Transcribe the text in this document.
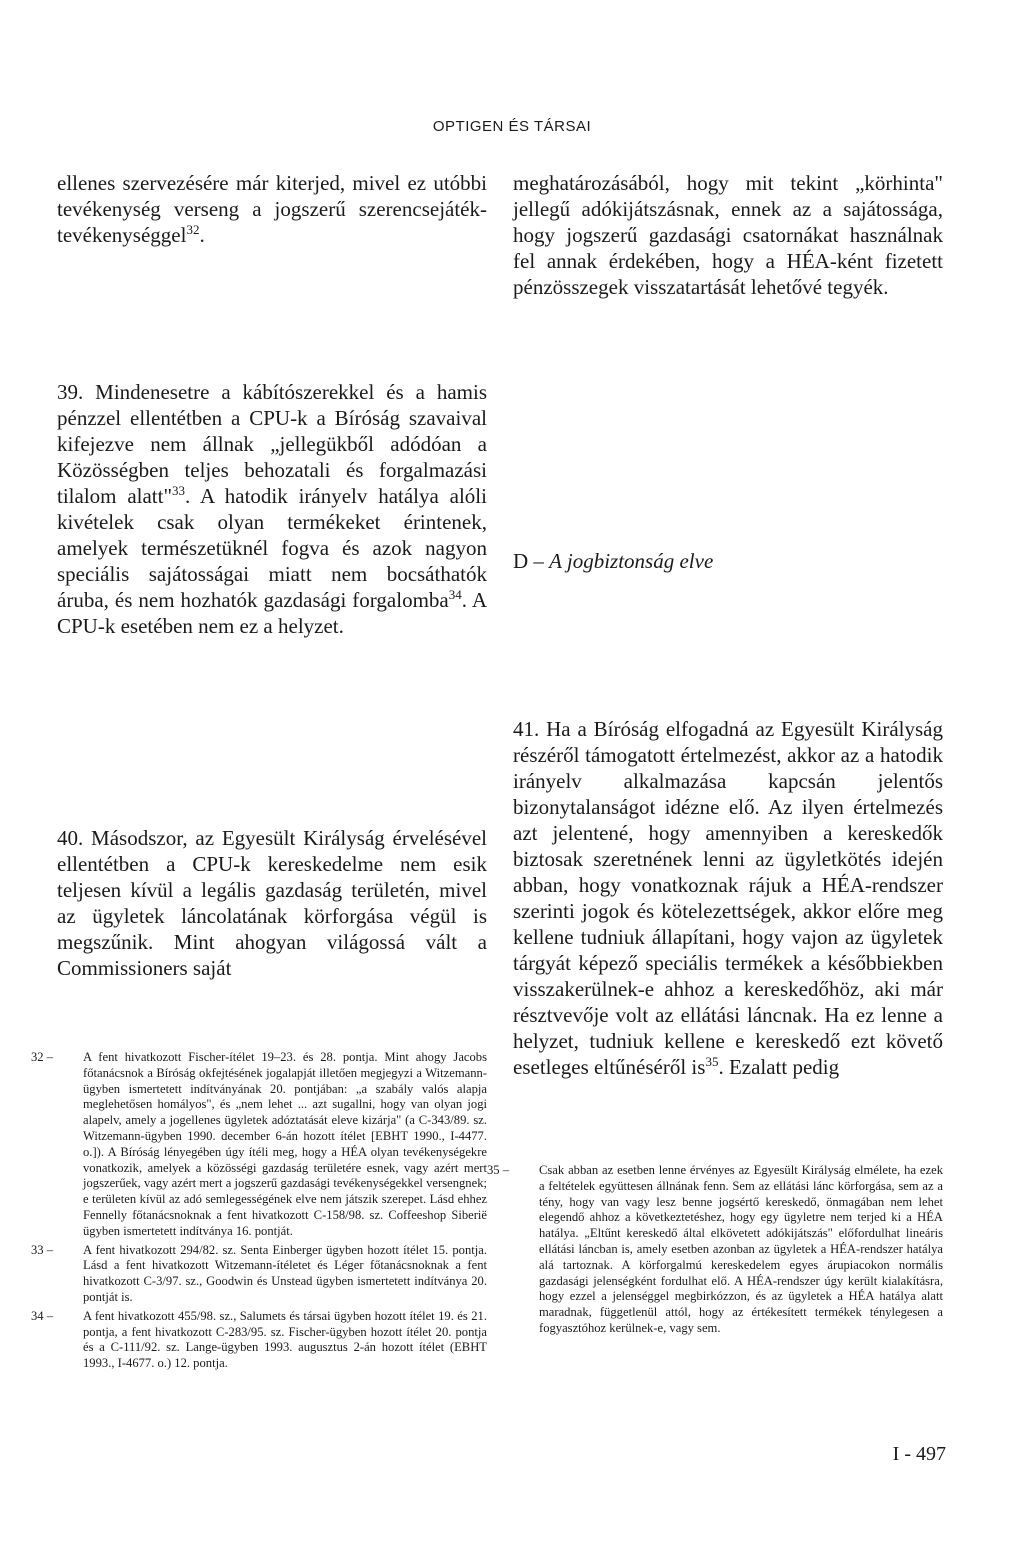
OPTIGEN ÉS TÁRSAI

ellenes szervezésére már kiterjed, mivel ez utóbbi tevékenység verseng a jogszerű szerencsejáték-tevékenységgel$^{32}$.

meghatározásából, hogy mit tekint „körhinta" jellegű adókijátszásnak, ennek az a sajátossága, hogy jogszerű gazdasági csatornákat használnak fel annak érdekében, hogy a HÉA-ként fizetett pénzösszegek visszatartását lehetővé tegyék.

39. Mindenesetre a kábítószerekkel és a hamis pénzzel ellentétben a CPU-k a Bíróság szavaival kifejezve nem állnak „jellegükből adódóan a Közösségben teljes behozatali és forgalmazási tilalom alatt"$^{33}$. A hatodik irányelv hatálya alóli kivételek csak olyan termékeket érintenek, amelyek természetüknél fogva és azok nagyon speciális sajátosságai miatt nem bocsáthatók áruba, és nem hozhatók gazdasági forgalomba$^{34}$. A CPU-k esetében nem ez a helyzet.

D – A jogbiztonság elve

40. Másodszor, az Egyesült Királyság érvelésével ellentétben a CPU-k kereskedelme nem esik teljesen kívül a legális gazdaság területén, mivel az ügyletek láncolatának körforgása végül is megszűnik. Mint ahogyan világossá vált a Commissioners saját

41. Ha a Bíróság elfogadná az Egyesült Királyság részéről támogatott értelmezést, akkor az a hatodik irányelv alkalmazása kapcsán jelentős bizonytalanságot idézne elő. Az ilyen értelmezés azt jelentené, hogy amennyiben a kereskedők biztosak szeretnének lenni az ügyletkötés idején abban, hogy vonatkoznak rájuk a HÉA-rendszer szerinti jogok és kötelezettségek, akkor előre meg kellene tudniuk állapítani, hogy vajon az ügyletek tárgyát képező speciális termékek a későbbiekben visszakerülnek-e ahhoz a kereskedőhöz, aki már résztvevője volt az ellátási láncnak. Ha ez lenne a helyzet, tudniuk kellene e kereskedő ezt követő esetleges eltűnéséről $is^{35}$. Ezalatt pedig

32 – A fent hivatkozott Fischer-ítélet 19–23. és 28. pontja. Mint ahogy Jacobs főtanácsnok a Bíróság okfejtésének jogalapját illetően megjegyzi a Witzemann-ügyben ismertetett indítványának 20. pontjában: „a szabály valós alapja meglehetősen homályos", és „nem lehet ... azt sugallni, hogy van olyan jogi alapelv, amely a jogellenes ügyletek adóztatását eleve kizárja" (a C-343/89. sz. Witzemann-ügyben 1990. december 6-án hozott ítélet [EBHT 1990., I-4477. o.]). A Bíróság lényegében úgy ítéli meg, hogy a HÉA olyan tevékenységekre vonatkozik, amelyek a közösségi gazdaság területére esnek, vagy azért mert jogszerűek, vagy azért mert a jogszerű gazdasági tevékenységekkel versengnek; e területen kívül az adó semlegességének elve nem játszik szerepet. Lásd ehhez Fennelly főtanácsnoknak a fent hivatkozott C-158/98. sz. Coffeeshop Siberië ügyben ismertetett indítványa 16. pontját.

33 – A fent hivatkozott 294/82. sz. Senta Einberger ügyben hozott ítélet 15. pontja. Lásd a fent hivatkozott Witzemann-ítéletet és Léger főtanácsnoknak a fent hivatkozott C-3/97. sz., Goodwin és Unstead ügyben ismertetett indítványa 20. pontját is.

34 – A fent hivatkozott 455/98. sz., Salumets és társai ügyben hozott ítélet 19. és 21. pontja, a fent hivatkozott C-283/95. sz. Fischer-ügyben hozott ítélet 20. pontja és a C-111/92. sz. Lange-ügyben 1993. augusztus 2-án hozott ítélet (EBHT 1993., I-4677. o.) 12. pontja.

35 – Csak abban az esetben lenne érvényes az Egyesült Királyság elmélete, ha ezek a feltételek együttesen állnának fenn. Sem az ellátási lánc körforgása, sem az a tény, hogy van vagy lesz benne jogsértő kereskedő, önmagában nem lehet elegendő ahhoz a következtetéshez, hogy egy ügyletre nem terjed ki a HÉA hatálya. „Eltűnt kereskedő által elkövetett adókijátszás" előfordulhat lineáris ellátási láncban is, amely esetben azonban az ügyletek a HÉA-rendszer hatálya alá tartoznak. A körforgalmú kereskedelem egyes árupiacokon normális gazdasági jelenségként fordulhat elő. A HÉA-rendszer úgy került kialakításra, hogy ezzel a jelenséggel megbirkózzon, és az ügyletek a HÉA hatálya alatt maradnak, függetlenül attól, hogy az értékesített termékek ténylegesen a fogyasztóhoz kerülnek-e, vagy sem.

I - 497
